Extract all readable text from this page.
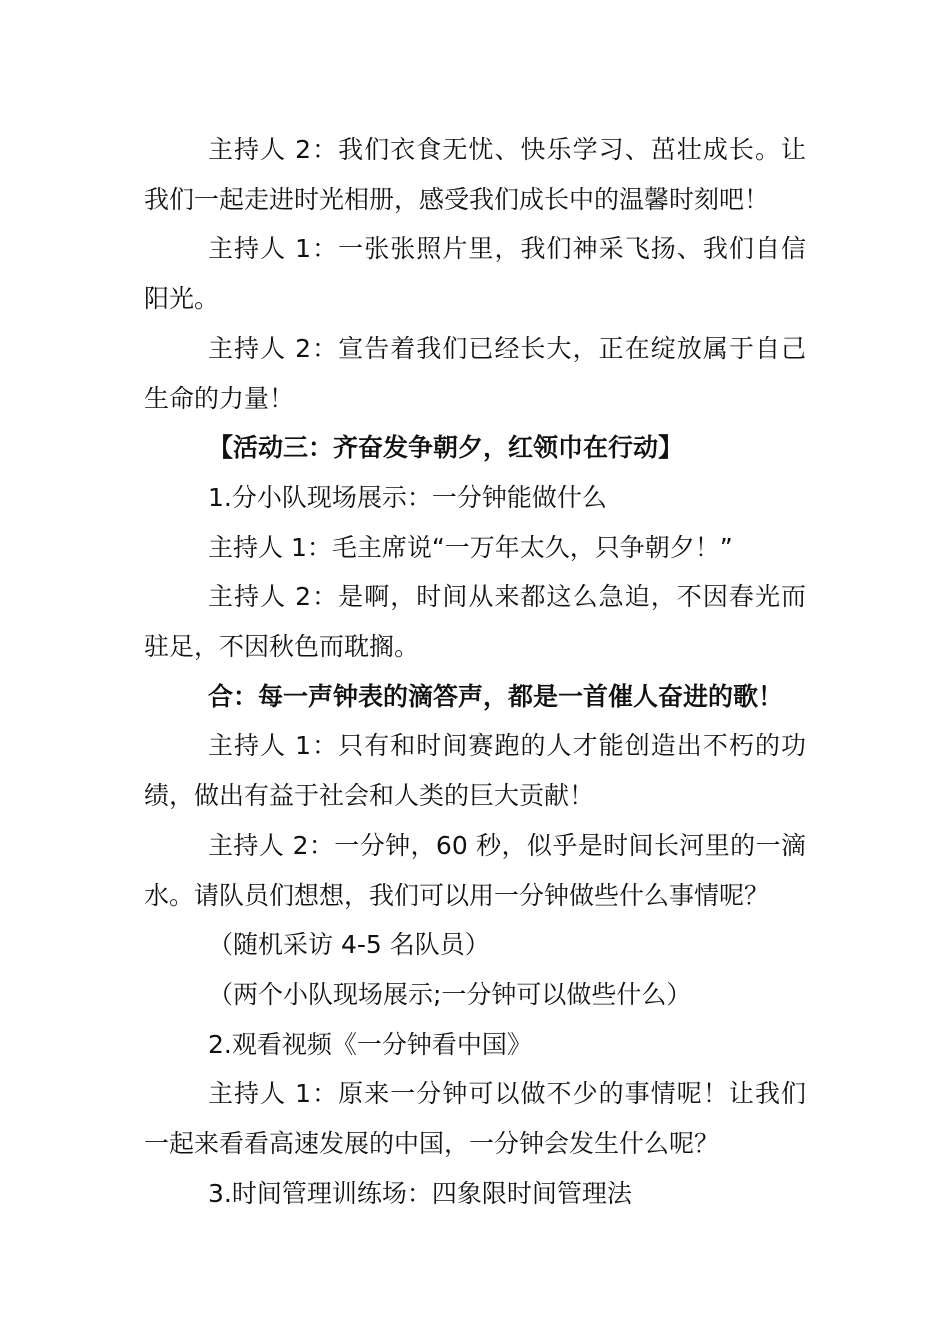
主持人 2：我们衣食无忧、快乐学习、茁壮成长。让我们一起走进时光相册，感受我们成长中的温馨时刻吧！

主持人 1：一张张照片里，我们神采飞扬、我们自信阳光。

主持人 2：宣告着我们已经长大，正在绽放属于自己生命的力量！

【活动三：齐奋发争朝夕，红领巾在行动】

1.分小队现场展示：一分钟能做什么

主持人 1：毛主席说“一万年太久，只争朝夕！”

主持人 2：是啊，时间从来都这么急迫，不因春光而驻足，不因秋色而耽搁。

合：每一声钟表的滴答声，都是一首催人奋进的歌！

主持人 1：只有和时间赛跑的人才能创造出不朽的功绩，做出有益于社会和人类的巨大贡献！

主持人 2：一分钟，60 秒，似乎是时间长河里的一滴水。请队员们想想，我们可以用一分钟做些什么事情呢？

（随机采访 4-5 名队员）

（两个小队现场展示;一分钟可以做些什么）

2.观看视频《一分钟看中国》

主持人 1：原来一分钟可以做不少的事情呢！让我们一起来看看高速发展的中国，一分钟会发生什么呢？

3.时间管理训练场：四象限时间管理法
